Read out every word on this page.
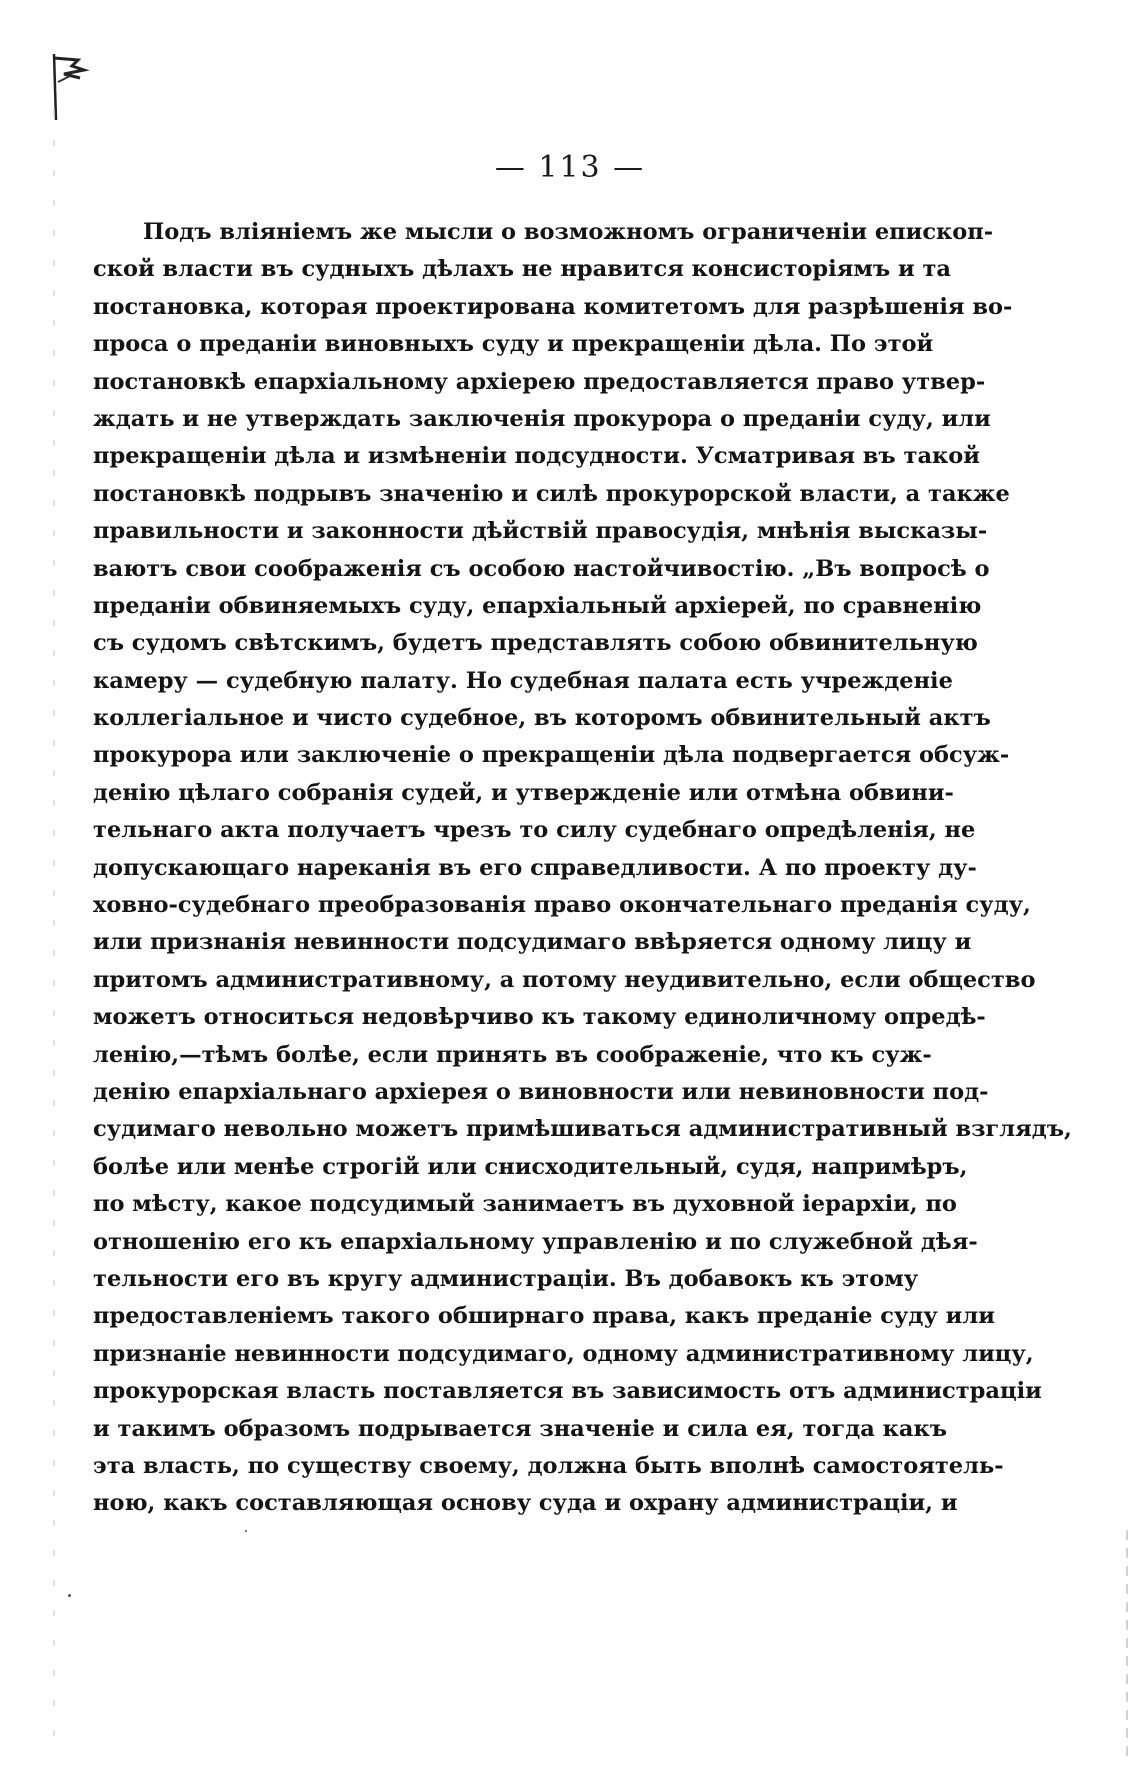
— 113 —
Подъ вліяніемъ же мысли о возможномъ ограниченіи епископ-
ской власти въ судныхъ дѣлахъ не нравится консисторіямъ и та
постановка, которая проектирована комитетомъ для разрѣшенія во-
проса о преданіи виновныхъ суду и прекращеніи дѣла. По этой
постановкѣ епархіальному архіерею предоставляется право утвер-
ждать и не утверждать заключенія прокурора о преданіи суду, или
прекращеніи дѣла и измѣненіи подсудности. Усматривая въ такой
постановкѣ подрывъ значенію и силѣ прокурорской власти, а также
правильности и законности дѣйствій правосудія, мнѣнія высказы-
ваютъ свои соображенія съ особою настойчивостію. „Въ вопросѣ о
преданіи обвиняемыхъ суду, епархіальный архіерей, по сравненію
съ судомъ свѣтскимъ, будетъ представлять собою обвинительную
камеру — судебную палату. Но судебная палата есть учрежденіе
коллегіальное и чисто судебное, въ которомъ обвинительный актъ
прокурора или заключеніе о прекращеніи дѣла подвергается обсуж-
денію цѣлаго собранія судей, и утвержденіе или отмѣна обвини-
тельнаго акта получаетъ чрезъ то силу судебнаго опредѣленія, не
допускающаго нареканія въ его справедливости. А по проекту ду-
ховно-судебнаго преобразованія право окончательнаго преданія суду,
или признанія невинности подсудимаго ввѣряется одному лицу и
притомъ административному, а потому неудивительно, если общество
можетъ относиться недовѣрчиво къ такому единоличному опредѣ-
ленію,—тѣмъ болѣе, если принять въ соображеніе, что къ суж-
денію епархіальнаго архіерея о виновности или невиновности под-
судимаго невольно можетъ примѣшиваться административный взглядъ,
болѣе или менѣе строгій или снисходительный, судя, напримѣръ,
по мѣсту, какое подсудимый занимаетъ въ духовной іерархіи, по
отношенію его къ епархіальному управленію и по служебной дѣя-
тельности его въ кругу администраціи. Въ добавокъ къ этому
предоставленіемъ такого обширнаго права, какъ преданіе суду или
признаніе невинности подсудимаго, одному административному лицу,
прокурорская власть поставляется въ зависимость отъ администраціи
и такимъ образомъ подрывается значеніе и сила ея, тогда какъ
эта власть, по существу своему, должна быть вполнѣ самостоятель-
ною, какъ составляющая основу суда и охрану администраціи, и
